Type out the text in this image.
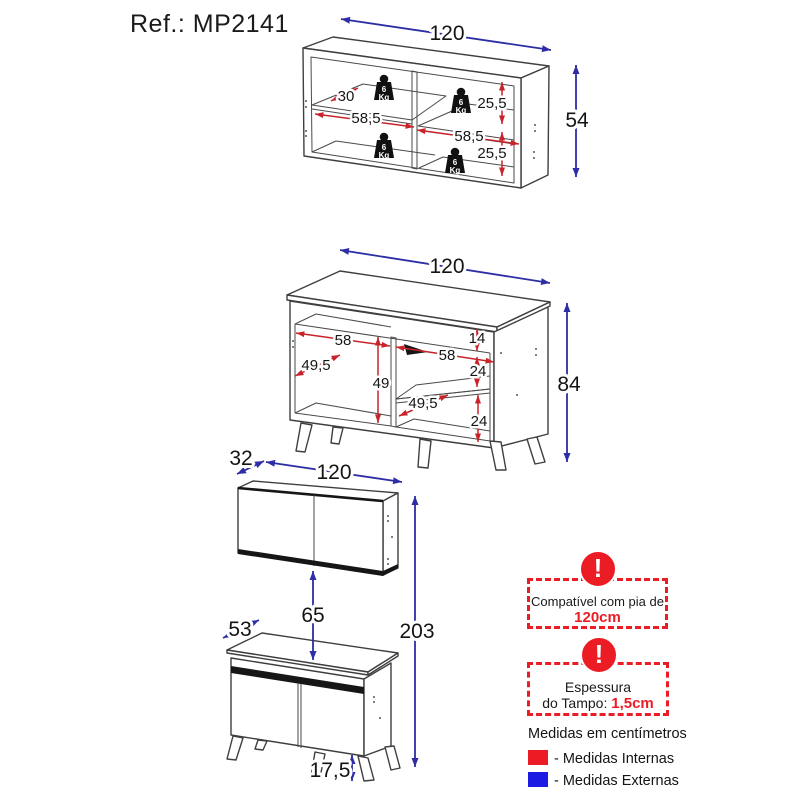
Ref.: MP2141
6
Kg
6
Kg
6
Kg
6
Kg
120
54
30
58,5
58,5
25,5
25,5
120
84
58
49,5
49
14
58
24
49,5
24
32
120
65
203
53
17,5
!
Compatível com pia de
120cm
!
Espessura
do Tampo: 1,5cm
Medidas em centímetros
- Medidas Internas
- Medidas Externas
